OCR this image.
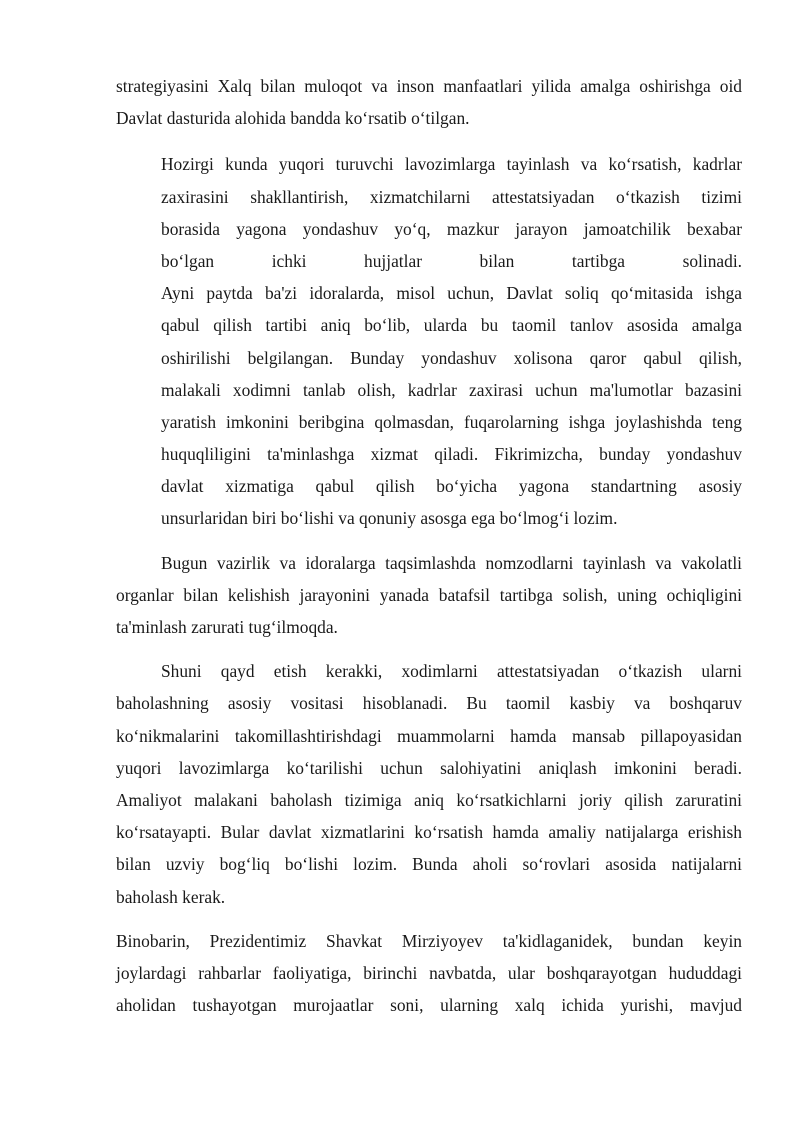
strategiyasini Xalq bilan muloqot va inson manfaatlari yilida amalga oshirishga oid
Davlat dasturida alohida bandda ko‘rsatib o‘tilgan.
Hozirgi kunda yuqori turuvchi lavozimlarga tayinlash va ko‘rsatish, kadrlar
zaxirasini shakllantirish, xizmatchilarni attestatsiyadan o‘tkazish tizimi
borasida yagona yondashuv yo‘q, mazkur jarayon jamoatchilik bexabar
bo‘lgan ichki hujjatlar bilan tartibga solinadi.
Ayni paytda ba'zi idoralarda, misol uchun, Davlat soliq qo‘mitasida ishga
qabul qilish tartibi aniq bo‘lib, ularda bu taomil tanlov asosida amalga
oshirilishi belgilangan. Bunday yondashuv xolisona qaror qabul qilish,
malakali xodimni tanlab olish, kadrlar zaxirasi uchun ma'lumotlar bazasini
yaratish imkonini beribgina qolmasdan, fuqarolarning ishga joylashishda teng
huquqliligini ta'minlashga xizmat qiladi. Fikrimizcha, bunday yondashuv
davlat xizmatiga qabul qilish bo‘yicha yagona standartning asosiy
unsurlaridan biri bo‘lishi va qonuniy asosga ega bo‘lmog‘i lozim.
Bugun vazirlik va idoralarga taqsimlashda nomzodlarni tayinlash va vakolatli
organlar bilan kelishish jarayonini yanada batafsil tartibga solish, uning ochiqligini
ta'minlash zarurati tug‘ilmoqda.
Shuni qayd etish kerakki, xodimlarni attestatsiyadan o‘tkazish ularni
baholashning asosiy vositasi hisoblanadi. Bu taomil kasbiy va boshqaruv
ko‘nikmalarini takomillashtirishdagi muammolarni hamda mansab pillapoyasidan
yuqori lavozimlarga ko‘tarilishi uchun salohiyatini aniqlash imkonini beradi.
Amaliyot malakani baholash tizimiga aniq ko‘rsatkichlarni joriy qilish zaruratini
ko‘rsatayapti. Bular davlat xizmatlarini ko‘rsatish hamda amaliy natijalarga erishish
bilan uzviy bog‘liq bo‘lishi lozim. Bunda aholi so‘rovlari asosida natijalarni
baholash kerak.
Binobarin, Prezidentimiz Shavkat Mirziyoyev ta'kidlaganidek, bundan keyin
joylardagi rahbarlar faoliyatiga, birinchi navbatda, ular boshqarayotgan hududdagi
aholidan tushayotgan murojaatlar soni, ularning xalq ichida yurishi, mavjud
